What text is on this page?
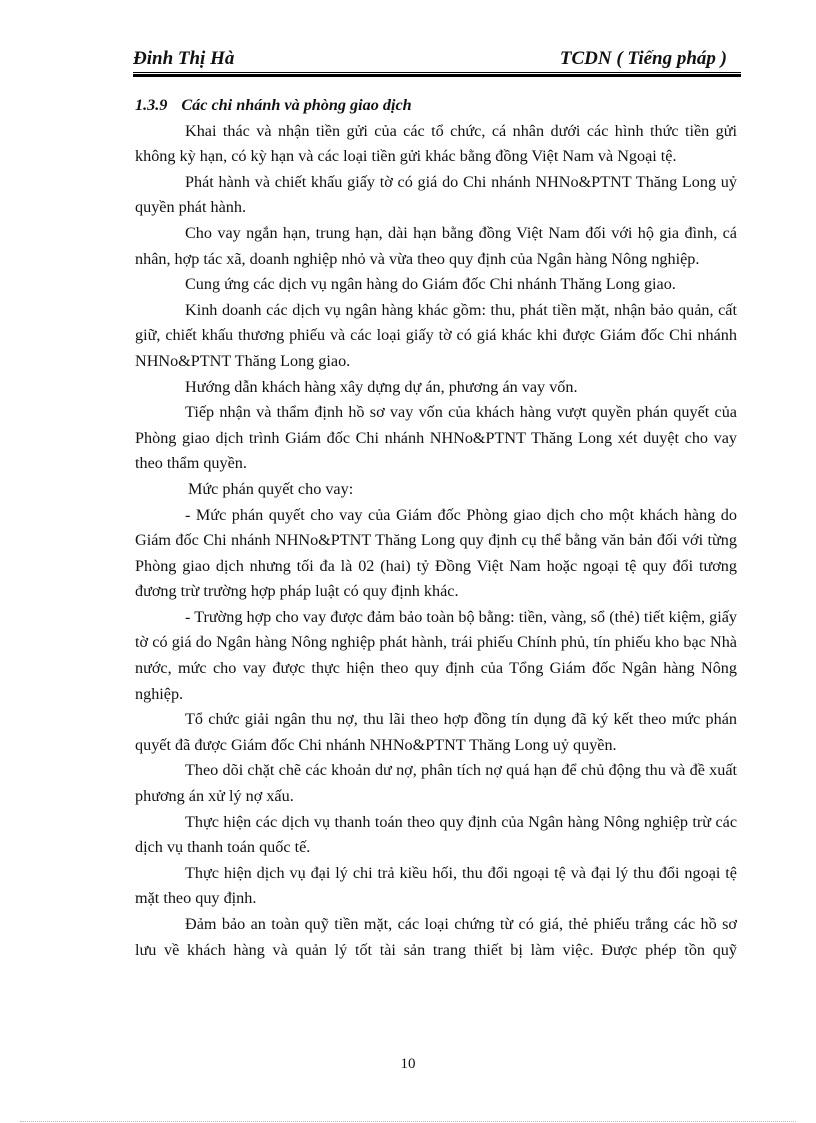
Đinh Thị Hà	TCDN ( Tiếng pháp )
1.3.9 Các chi nhánh và phòng giao dịch

Khai thác và nhận tiền gửi của các tổ chức, cá nhân dưới các hình thức tiền gửi không kỳ hạn, có kỳ hạn và các loại tiền gửi khác bằng đồng Việt Nam và Ngoại tệ.

Phát hành và chiết khấu giấy tờ có giá do Chi nhánh NHNo&PTNT Thăng Long uỷ quyền phát hành.

Cho vay ngắn hạn, trung hạn, dài hạn bằng đồng Việt Nam đối với hộ gia đình, cá nhân, hợp tác xã, doanh nghiệp nhỏ và vừa theo quy định của Ngân hàng Nông nghiệp.

Cung ứng các dịch vụ ngân hàng do Giám đốc Chi nhánh Thăng Long giao.

Kinh doanh các dịch vụ ngân hàng khác gồm: thu, phát tiền mặt, nhận bảo quản, cất giữ, chiết khấu thương phiếu và các loại giấy tờ có giá khác khi được Giám đốc Chi nhánh NHNo&PTNT Thăng Long giao.

Hướng dẫn khách hàng xây dựng dự án, phương án vay vốn.

Tiếp nhận và thẩm định hồ sơ vay vốn của khách hàng vượt quyền phán quyết của Phòng giao dịch trình Giám đốc Chi nhánh NHNo&PTNT Thăng Long xét duyệt cho vay theo thẩm quyền.

Mức phán quyết cho vay:

- Mức phán quyết cho vay của Giám đốc Phòng giao dịch cho một khách hàng do Giám đốc Chi nhánh NHNo&PTNT Thăng Long quy định cụ thể bằng văn bản đối với từng Phòng giao dịch nhưng tối đa là 02 (hai) tỷ Đồng Việt Nam hoặc ngoại tệ quy đổi tương đương trừ trường hợp pháp luật có quy định khác.

- Trường hợp cho vay được đảm bảo toàn bộ bằng: tiền, vàng, sổ (thẻ) tiết kiệm, giấy tờ có giá do Ngân hàng Nông nghiệp phát hành, trái phiếu Chính phủ, tín phiếu kho bạc Nhà nước, mức cho vay được thực hiện theo quy định của Tổng Giám đốc Ngân hàng Nông nghiệp.

Tổ chức giải ngân thu nợ, thu lãi theo hợp đồng tín dụng đã ký kết theo mức phán quyết đã được Giám đốc Chi nhánh NHNo&PTNT Thăng Long uỷ quyền.

Theo dõi chặt chẽ các khoản dư nợ, phân tích nợ quá hạn để chủ động thu và đề xuất phương án xử lý nợ xấu.

Thực hiện các dịch vụ thanh toán theo quy định của Ngân hàng Nông nghiệp trừ các dịch vụ thanh toán quốc tế.

Thực hiện dịch vụ đại lý chi trả kiều hối, thu đổi ngoại tệ và đại lý thu đổi ngoại tệ mặt theo quy định.

Đảm bảo an toàn quỹ tiền mặt, các loại chứng từ có giá, thẻ phiếu trắng các hồ sơ lưu về khách hàng và quản lý tốt tài sản trang thiết bị làm việc. Được phép tồn quỹ

10
